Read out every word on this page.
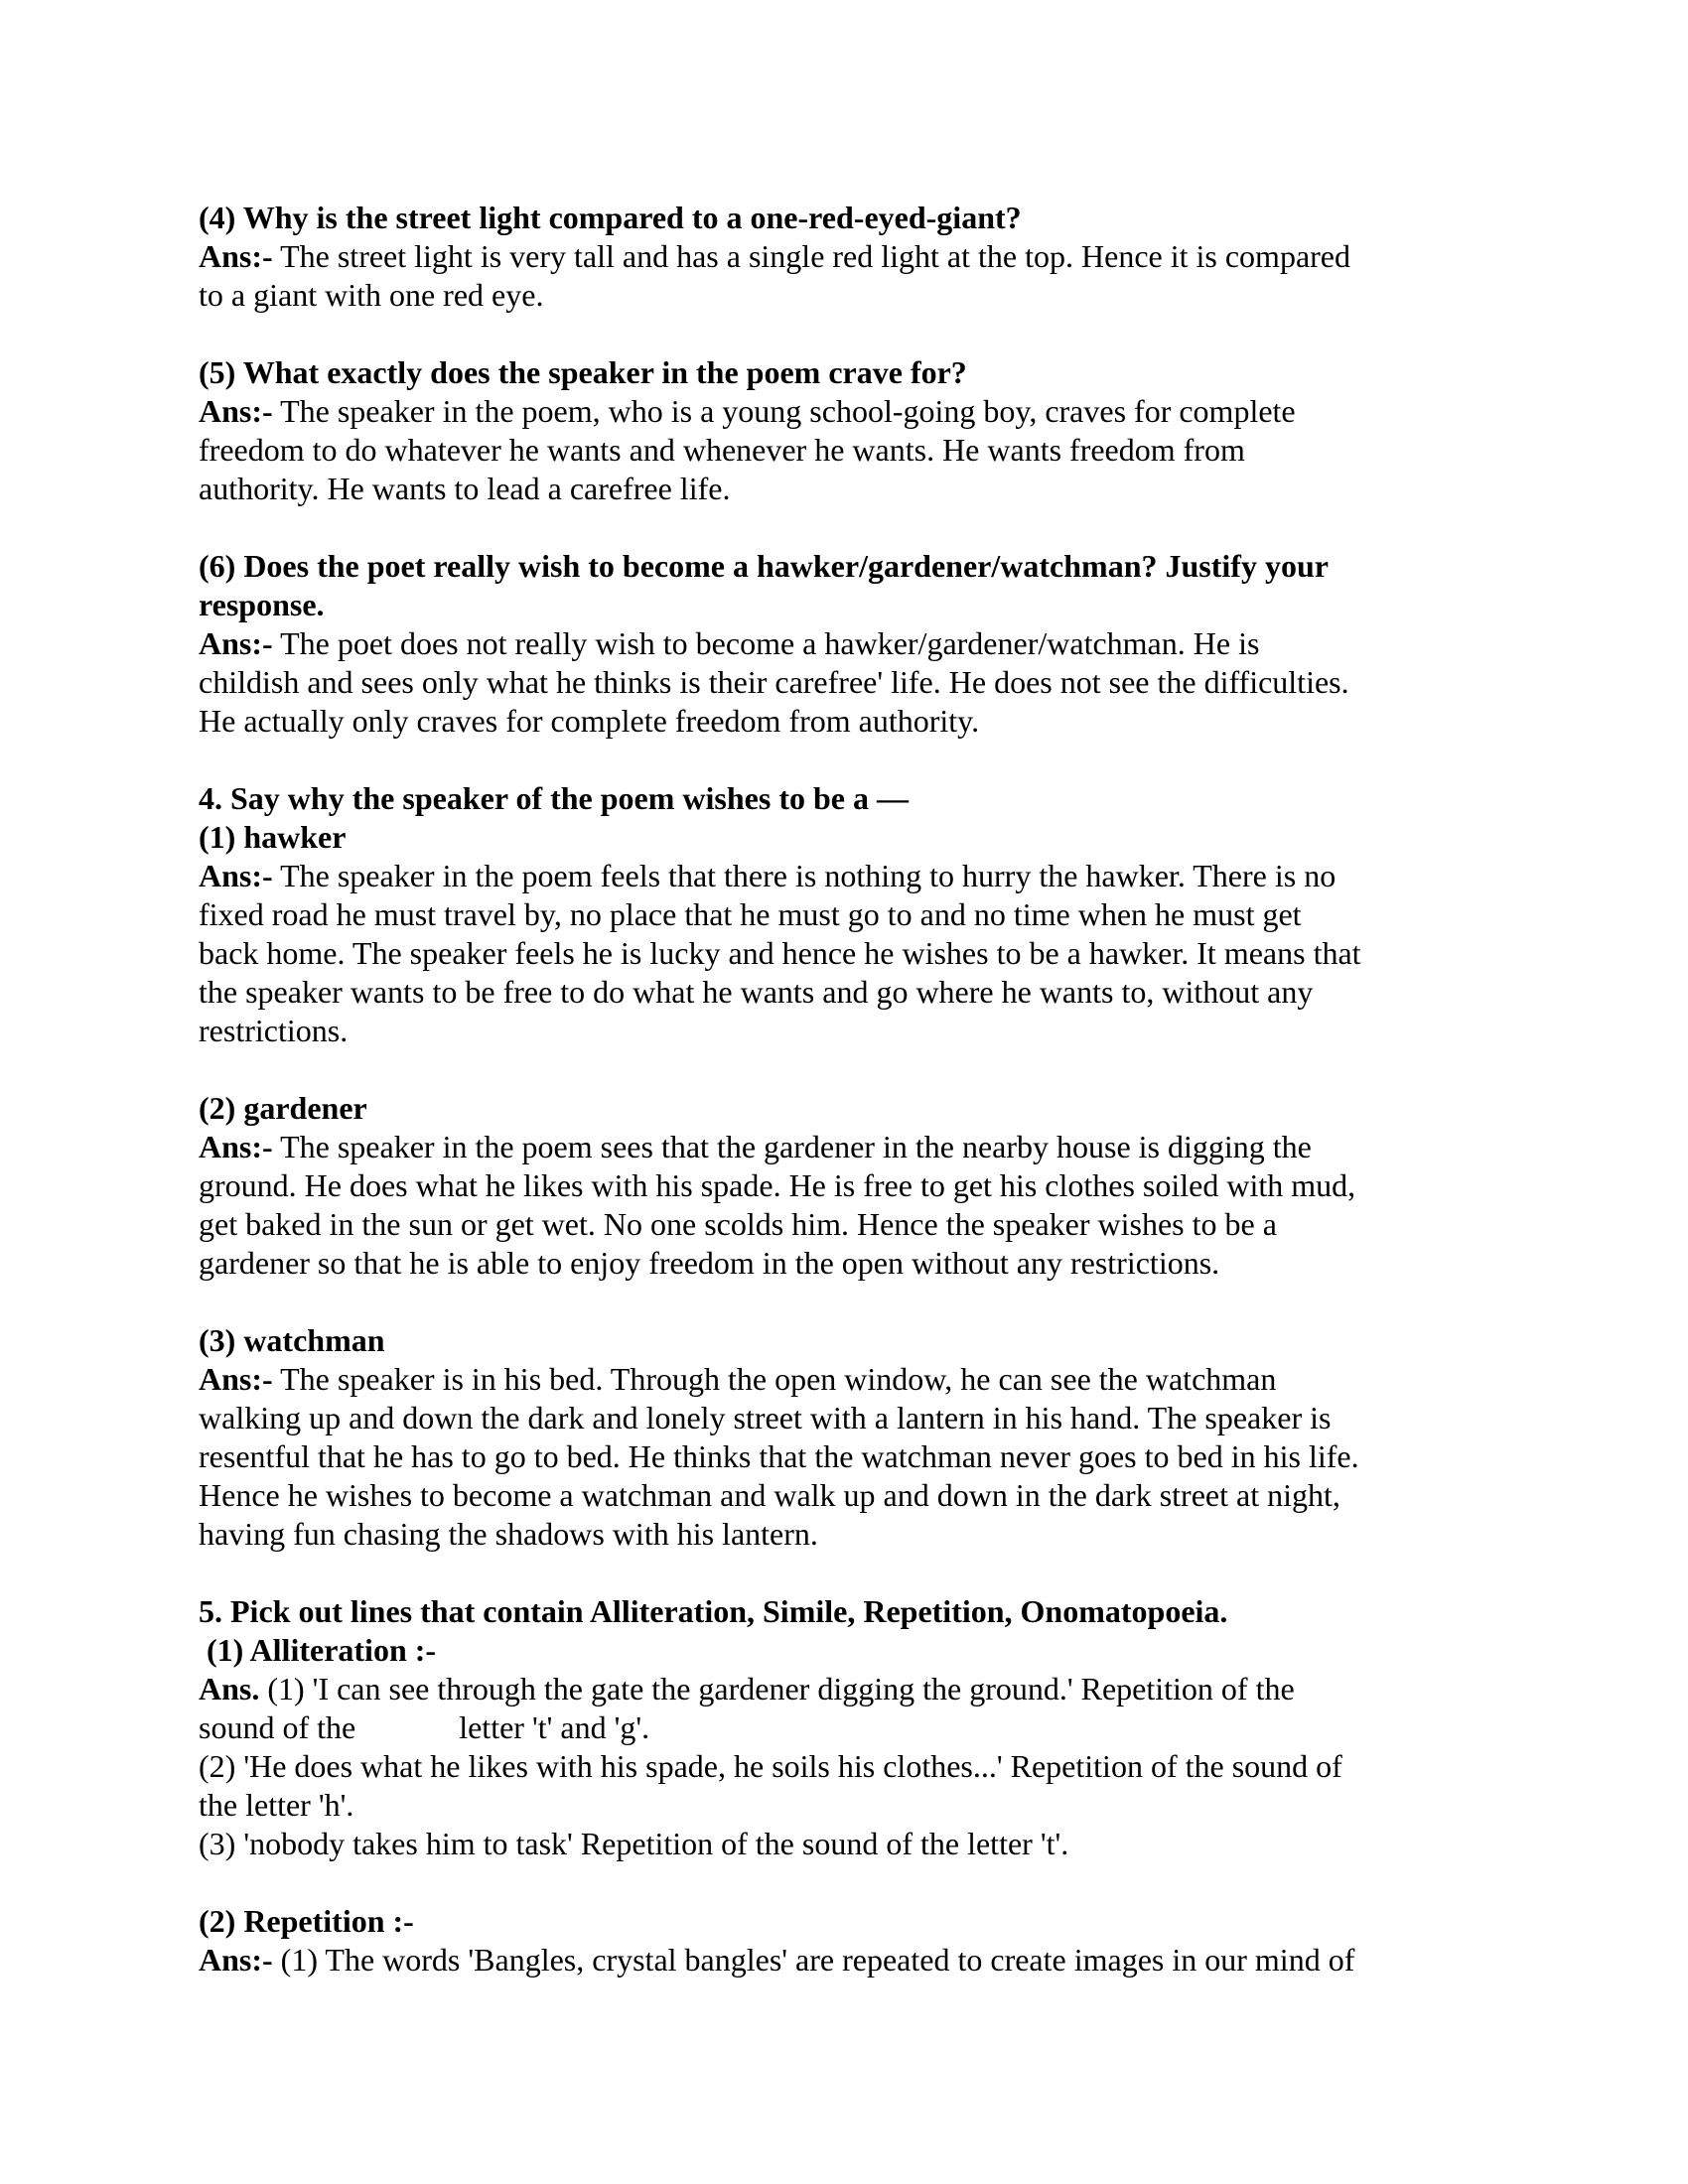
(4) Why is the street light compared to a one-red-eyed-giant?
Ans:- The street light is very tall and has a single red light at the top. Hence it is compared
to a giant with one red eye.

(5) What exactly does the speaker in the poem crave for?
Ans:- The speaker in the poem, who is a young school-going boy, craves for complete
freedom to do whatever he wants and whenever he wants. He wants freedom from
authority. He wants to lead a carefree life.

(6) Does the poet really wish to become a hawker/gardener/watchman? Justify your
response.
Ans:- The poet does not really wish to become a hawker/gardener/watchman. He is
childish and sees only what he thinks is their carefree' life. He does not see the difficulties.
He actually only craves for complete freedom from authority.

4. Say why the speaker of the poem wishes to be a —
(1) hawker
Ans:- The speaker in the poem feels that there is nothing to hurry the hawker. There is no
fixed road he must travel by, no place that he must go to and no time when he must get
back home. The speaker feels he is lucky and hence he wishes to be a hawker. It means that
the speaker wants to be free to do what he wants and go where he wants to, without any
restrictions.

(2) gardener
Ans:- The speaker in the poem sees that the gardener in the nearby house is digging the
ground. He does what he likes with his spade. He is free to get his clothes soiled with mud,
get baked in the sun or get wet. No one scolds him. Hence the speaker wishes to be a
gardener so that he is able to enjoy freedom in the open without any restrictions.

(3) watchman
Ans:- The speaker is in his bed. Through the open window, he can see the watchman
walking up and down the dark and lonely street with a lantern in his hand. The speaker is
resentful that he has to go to bed. He thinks that the watchman never goes to bed in his life.
Hence he wishes to become a watchman and walk up and down in the dark street at night,
having fun chasing the shadows with his lantern.

5. Pick out lines that contain Alliteration, Simile, Repetition, Onomatopoeia.
(1) Alliteration :-
Ans. (1) 'I can see through the gate the gardener digging the ground.' Repetition of the
sound of the             letter 't' and 'g'.
(2) 'He does what he likes with his spade, he soils his clothes...' Repetition of the sound of
the letter 'h'.
(3) 'nobody takes him to task' Repetition of the sound of the letter 't'.

(2) Repetition :-
Ans:- (1) The words 'Bangles, crystal bangles' are repeated to create images in our mind of
